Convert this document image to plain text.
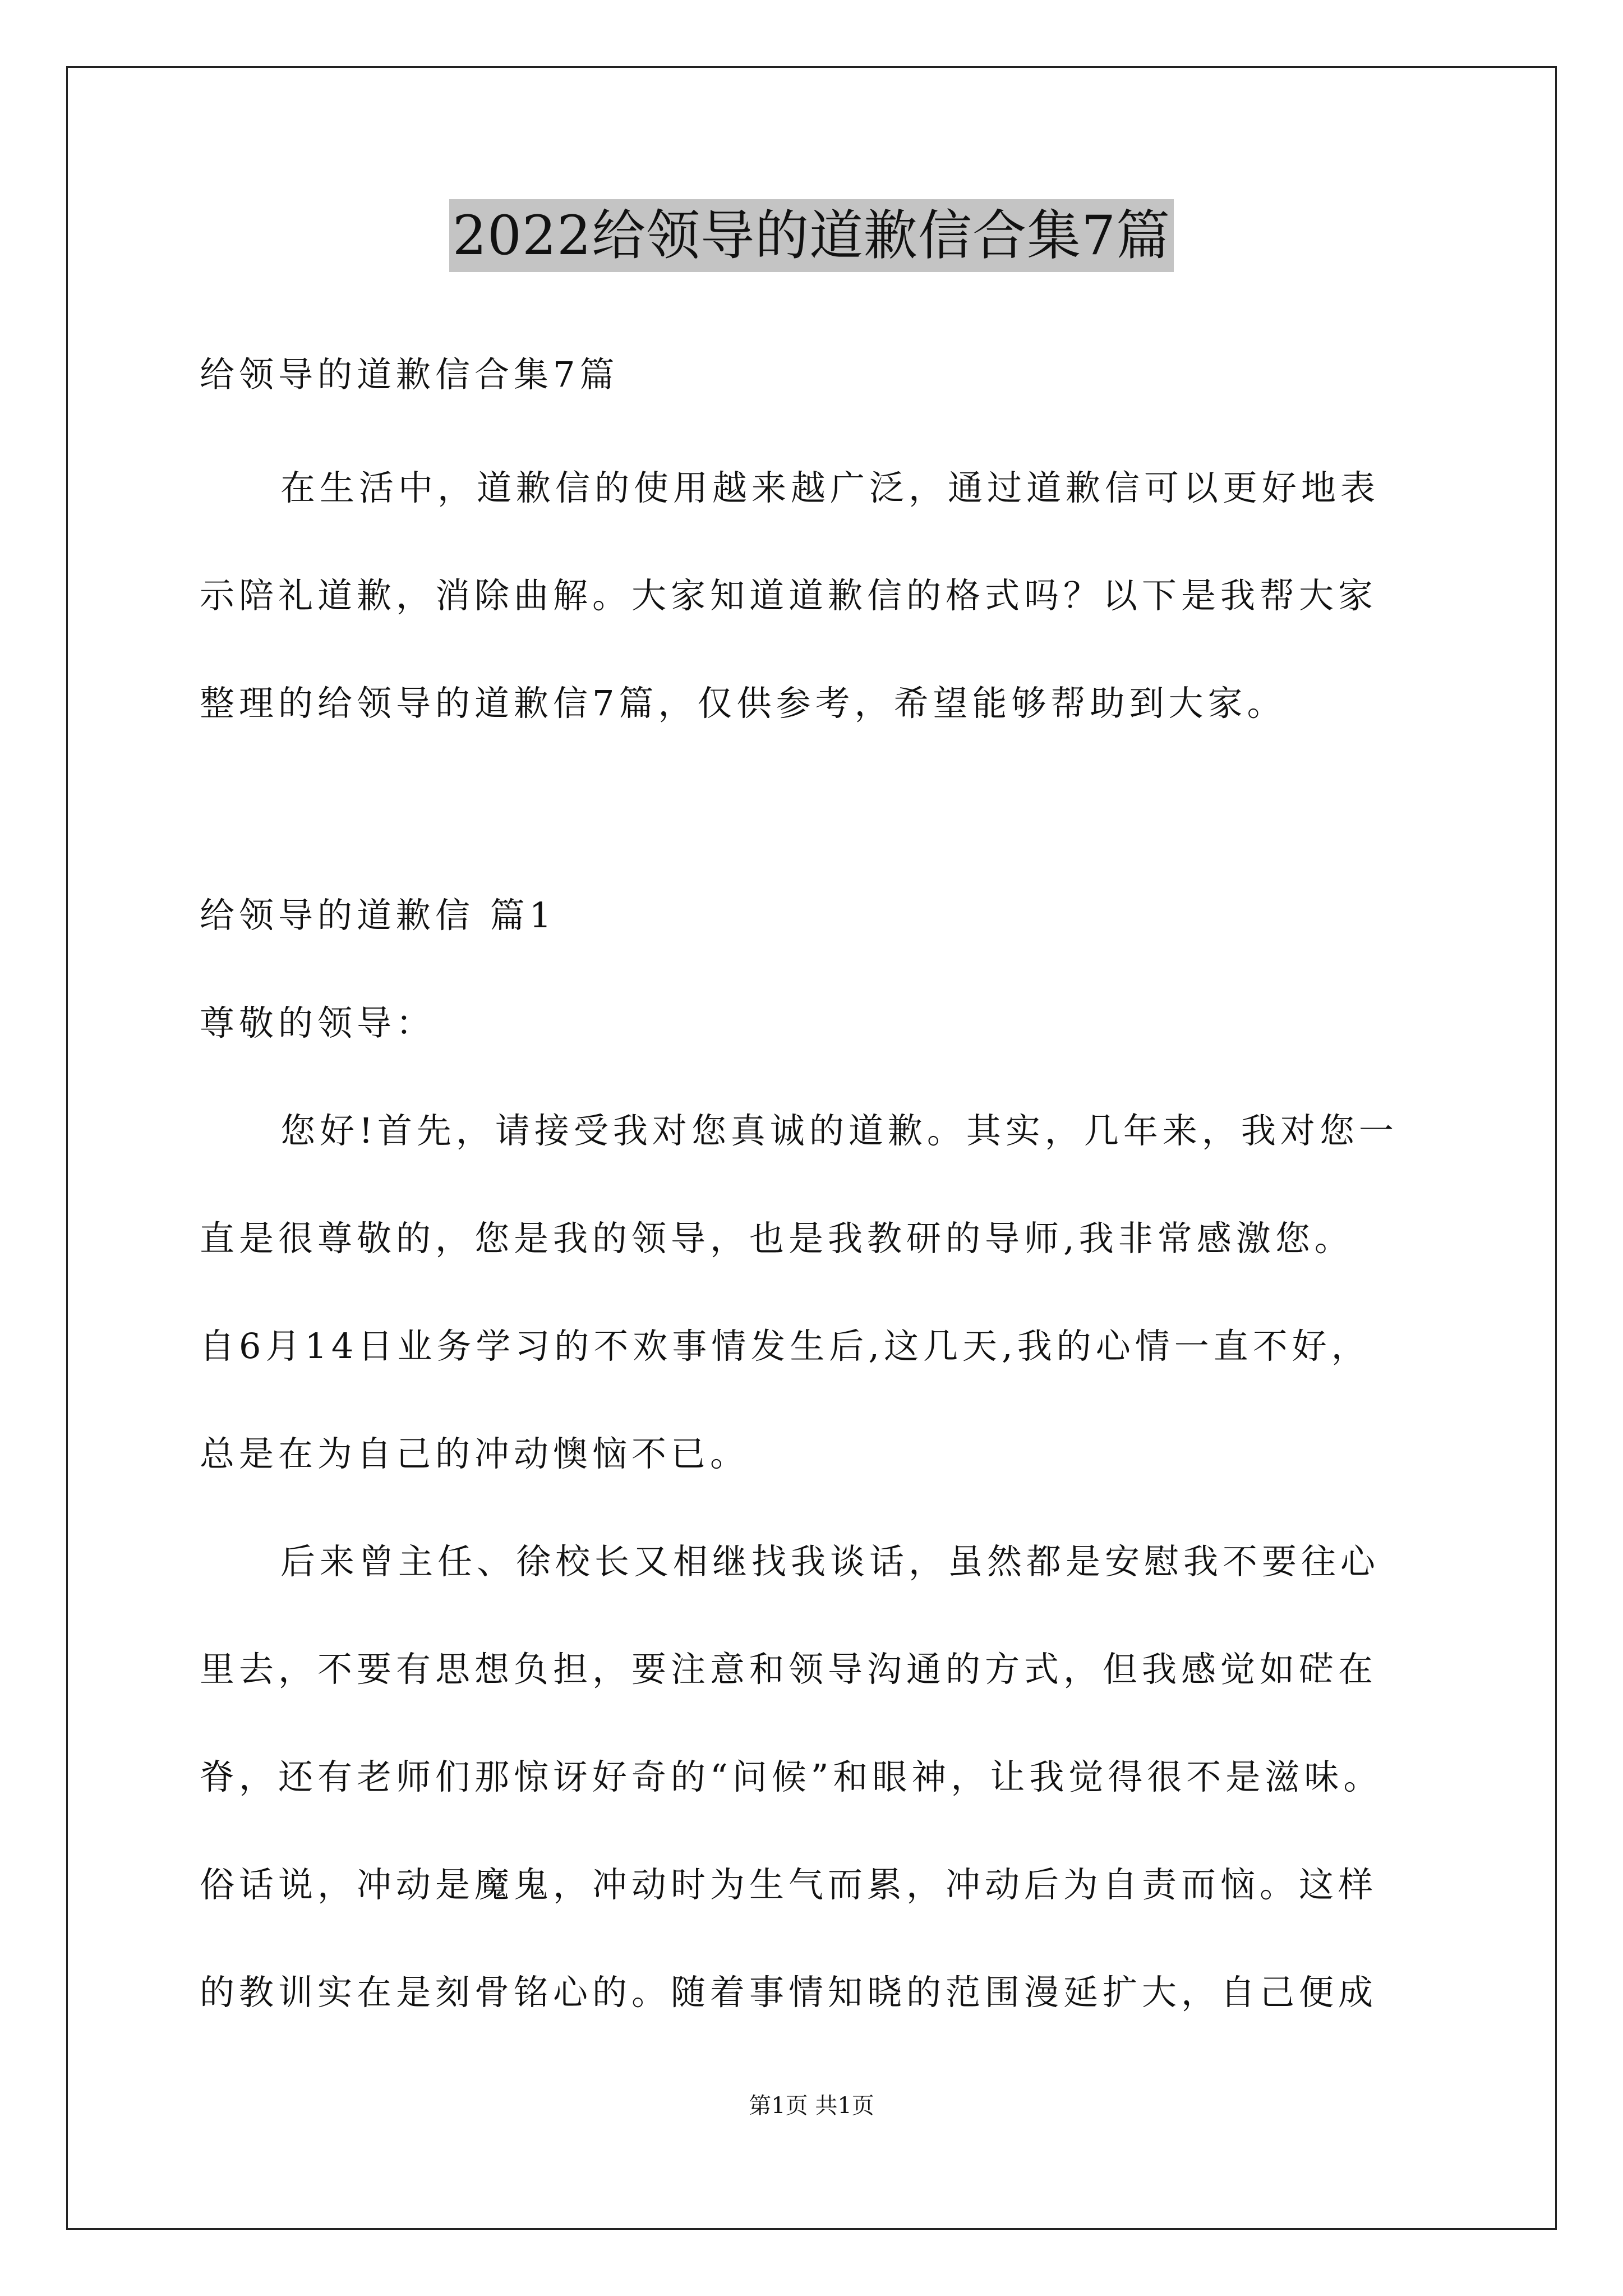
2022给领导的道歉信合集7篇
给领导的道歉信合集7篇
在生活中，道歉信的使用越来越广泛，通过道歉信可以更好地表
示陪礼道歉，消除曲解。大家知道道歉信的格式吗？以下是我帮大家
整理的给领导的道歉信7篇，仅供参考，希望能够帮助到大家。
给领导的道歉信 篇1
尊敬的领导：
您好!首先，请接受我对您真诚的道歉。其实，几年来，我对您一
直是很尊敬的，您是我的领导，也是我教研的导师,我非常感激您。
自6月14日业务学习的不欢事情发生后,这几天,我的心情一直不好，
总是在为自己的冲动懊恼不已。
后来曾主任、徐校长又相继找我谈话，虽然都是安慰我不要往心
里去，不要有思想负担，要注意和领导沟通的方式，但我感觉如硭在
脊，还有老师们那惊讶好奇的“问候”和眼神，让我觉得很不是滋味。
俗话说，冲动是魔鬼，冲动时为生气而累，冲动后为自责而恼。这样
的教训实在是刻骨铭心的。随着事情知晓的范围漫延扩大，自己便成
第1页 共1页
